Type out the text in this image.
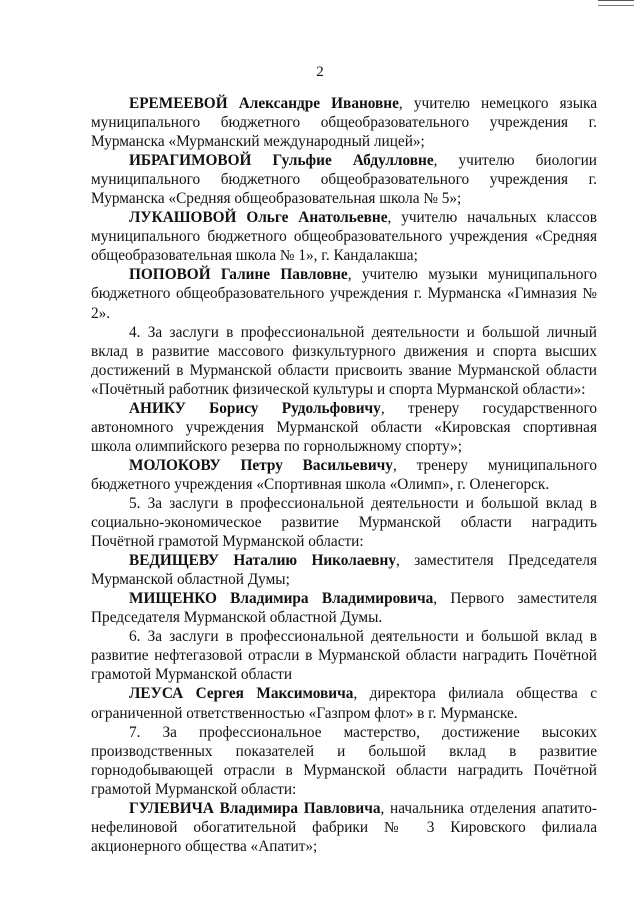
2

ЕРЕМЕЕВОЙ Александре Ивановне, учителю немецкого языка муниципального бюджетного общеобразовательного учреждения г. Мурманска «Мурманский международный лицей»;

ИБРАГИМОВОЙ Гульфие Абдулловне, учителю биологии муниципального бюджетного общеобразовательного учреждения г. Мурманска «Средняя общеобразовательная школа № 5»;

ЛУКАШОВОЙ Ольге Анатольевне, учителю начальных классов муниципального бюджетного общеобразовательного учреждения «Средняя общеобразовательная школа № 1», г. Кандалакша;

ПОПОВОЙ Галине Павловне, учителю музыки муниципального бюджетного общеобразовательного учреждения г. Мурманска «Гимназия № 2».

4. За заслуги в профессиональной деятельности и большой личный вклад в развитие массового физкультурного движения и спорта высших достижений в Мурманской области присвоить звание Мурманской области «Почётный работник физической культуры и спорта Мурманской области»:

АНИКУ Борису Рудольфовичу, тренеру государственного автономного учреждения Мурманской области «Кировская спортивная школа олимпийского резерва по горнолыжному спорту»;

МОЛОКОВУ Петру Васильевичу, тренеру муниципального бюджетного учреждения «Спортивная школа «Олимп», г. Оленегорск.

5. За заслуги в профессиональной деятельности и большой вклад в социально-экономическое развитие Мурманской области наградить Почётной грамотой Мурманской области:

ВЕДИЩЕВУ Наталию Николаевну, заместителя Председателя Мурманской областной Думы;

МИЩЕНКО Владимира Владимировича, Первого заместителя Председателя Мурманской областной Думы.

6. За заслуги в профессиональной деятельности и большой вклад в развитие нефтегазовой отрасли в Мурманской области наградить Почётной грамотой Мурманской области

ЛЕУСА Сергея Максимовича, директора филиала общества с ограниченной ответственностью «Газпром флот» в г. Мурманске.

7. За профессиональное мастерство, достижение высоких производственных показателей и большой вклад в развитие горнодобывающей отрасли в Мурманской области наградить Почётной грамотой Мурманской области:

ГУЛЕВИЧА Владимира Павловича, начальника отделения апатито-нефелиновой обогатительной фабрики № 3 Кировского филиала акционерного общества «Апатит»;
